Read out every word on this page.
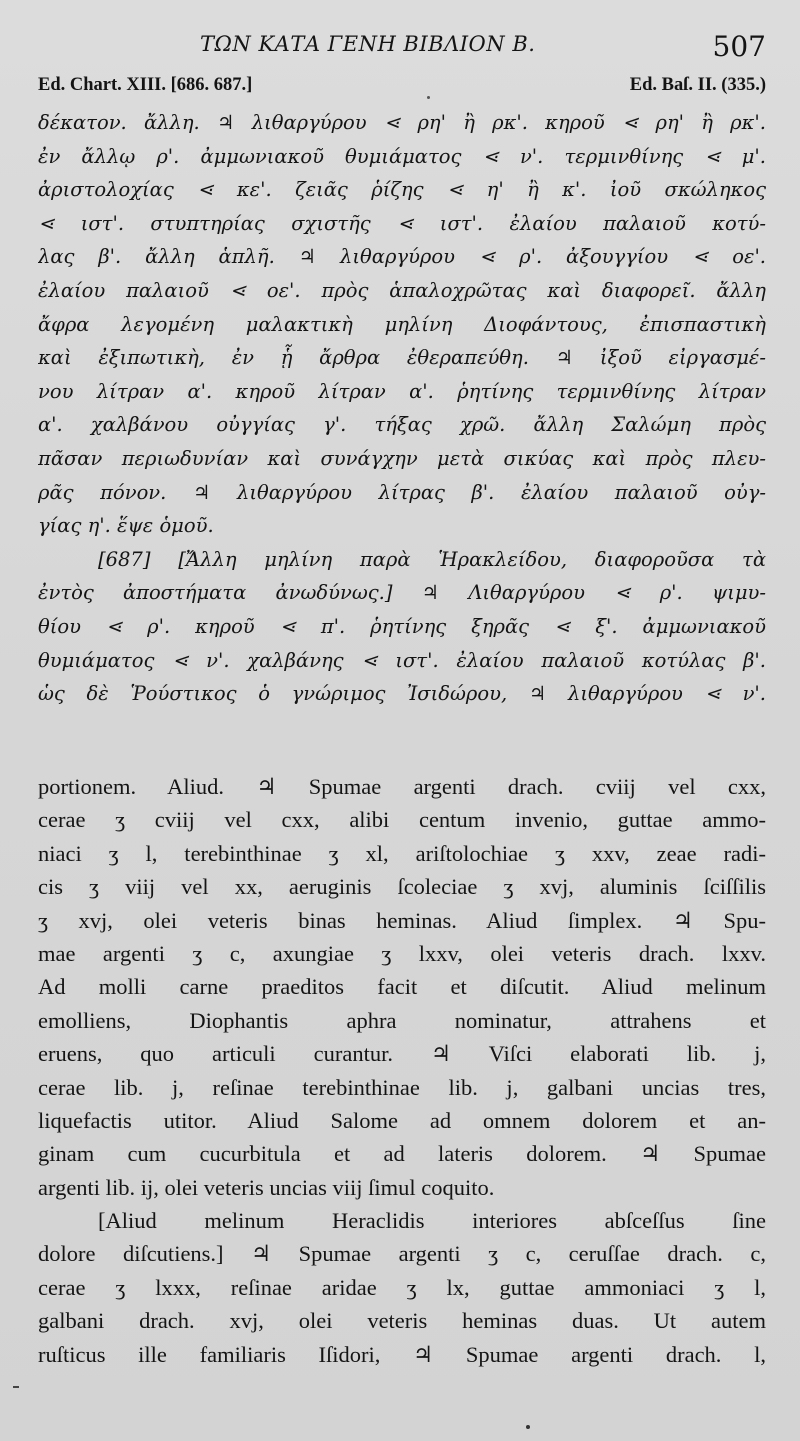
ΤΩΝ ΚΑΤΑ ΓΕΝΗ ΒΙΒΛΙΟΝ Β.	507
Ed. Chart. XIII. [686. 687.]	Ed. Baſ. II. (335.)
δέκατον. ἄλλη. ♃ λιθαργύρου ⋖ ρη' ἢ ρκ'. κηροῦ ⋖ ρη' ἢ ρκ'.
ἐν ἄλλῳ ρ'. ἀμμωνιακοῦ θυμιάματος ⋖ ν'. τερμινθίνης ⋖ μ'.
ἀριστολοχίας ⋖ κε'. ζειᾶς ῥίζης ⋖ η' ἢ κ'. ἰοῦ σκώληκος
⋖ ιστ'. στυπτηρίας σχιστῆς ⋖ ιστ'. ἐλαίου παλαιοῦ κοτύ-
λας β'. ἄλλη ἁπλῆ. ♃ λιθαργύρου ⋖ ρ'. ἀξουγγίου ⋖ οε'.
ἐλαίου παλαιοῦ ⋖ οε'. πρὸς ἁπαλοχρῶτας καὶ διαφορεῖ. ἄλλη
ἄφρα λεγομένη μαλακτικὴ μηλίνη Διοφάντους, ἐπισπαστικὴ
καὶ ἐξιπωτικὴ, ἐν ᾗ ἄρθρα ἐθεραπεύθη. ♃ ἰξοῦ εἰργασμέ-
νου λίτραν α'. κηροῦ λίτραν α'. ῥητίνης τερμινθίνης λίτραν
α'. χαλβάνου οὐγγίας γ'. τήξας χρῶ. ἄλλη Σαλώμη πρὸς
πᾶσαν περιωδυνίαν καὶ συνάγχην μετὰ σικύας καὶ πρὸς πλευ-
ρᾶς πόνον. ♃ λιθαργύρου λίτρας β'. ἐλαίου παλαιοῦ οὐγ-
γίας η'. ἕψε ὁμοῦ.
[687] [Ἄλλη μηλίνη παρὰ Ἡρακλείδου, διαφοροῦσα τὰ
ἐντὸς ἀποστήματα ἀνωδύνως.] ♃ Λιθαργύρου ⋖ ρ'. ψιμυ-
θίου ⋖ ρ'. κηροῦ ⋖ π'. ῥητίνης ξηρᾶς ⋖ ξ'. ἀμμωνιακοῦ
θυμιάματος ⋖ ν'. χαλβάνης ⋖ ιστ'. ἐλαίου παλαιοῦ κοτύλας β'.
ὡς δὲ Ῥούστικος ὁ γνώριμος Ἰσιδώρου, ♃ λιθαργύρου ⋖ ν'.
portionem. Aliud. ♃ Spumae argenti drach. cviij vel cxx,
cerae ʒ cviij vel cxx, alibi centum invenio, guttae ammo-
niaci ʒ l, terebinthinae ʒ xl, ariſtolochiae ʒ xxv, zeae radi-
cis ʒ viij vel xx, aeruginis ſcoleciae ʒ xvj, aluminis ſciſſilis
ʒ xvj, olei veteris binas heminas. Aliud ſimplex. ♃ Spu-
mae argenti ʒ c, axungiae ʒ lxxv, olei veteris drach. lxxv.
Ad molli carne praeditos facit et diſcutit. Aliud melinum
emolliens, Diophantis aphra nominatur, attrahens et
eruens, quo articuli curantur. ♃ Viſci elaborati lib. j,
cerae lib. j, reſinae terebinthinae lib. j, galbani uncias tres,
liquefactis utitor. Aliud Salome ad omnem dolorem et an-
ginam cum cucurbitula et ad lateris dolorem. ♃ Spumae
argenti lib. ij, olei veteris uncias viij ſimul coquito.
[Aliud melinum Heraclidis interiores abſceſſus ſine
dolore diſcutiens.] ♃ Spumae argenti ʒ c, ceruſſae drach. c,
cerae ʒ lxxx, reſinae aridae ʒ lx, guttae ammoniaci ʒ l,
galbani drach. xvj, olei veteris heminas duas. Ut autem
ruſticus ille familiaris Iſidori, ♃ Spumae argenti drach. l,
